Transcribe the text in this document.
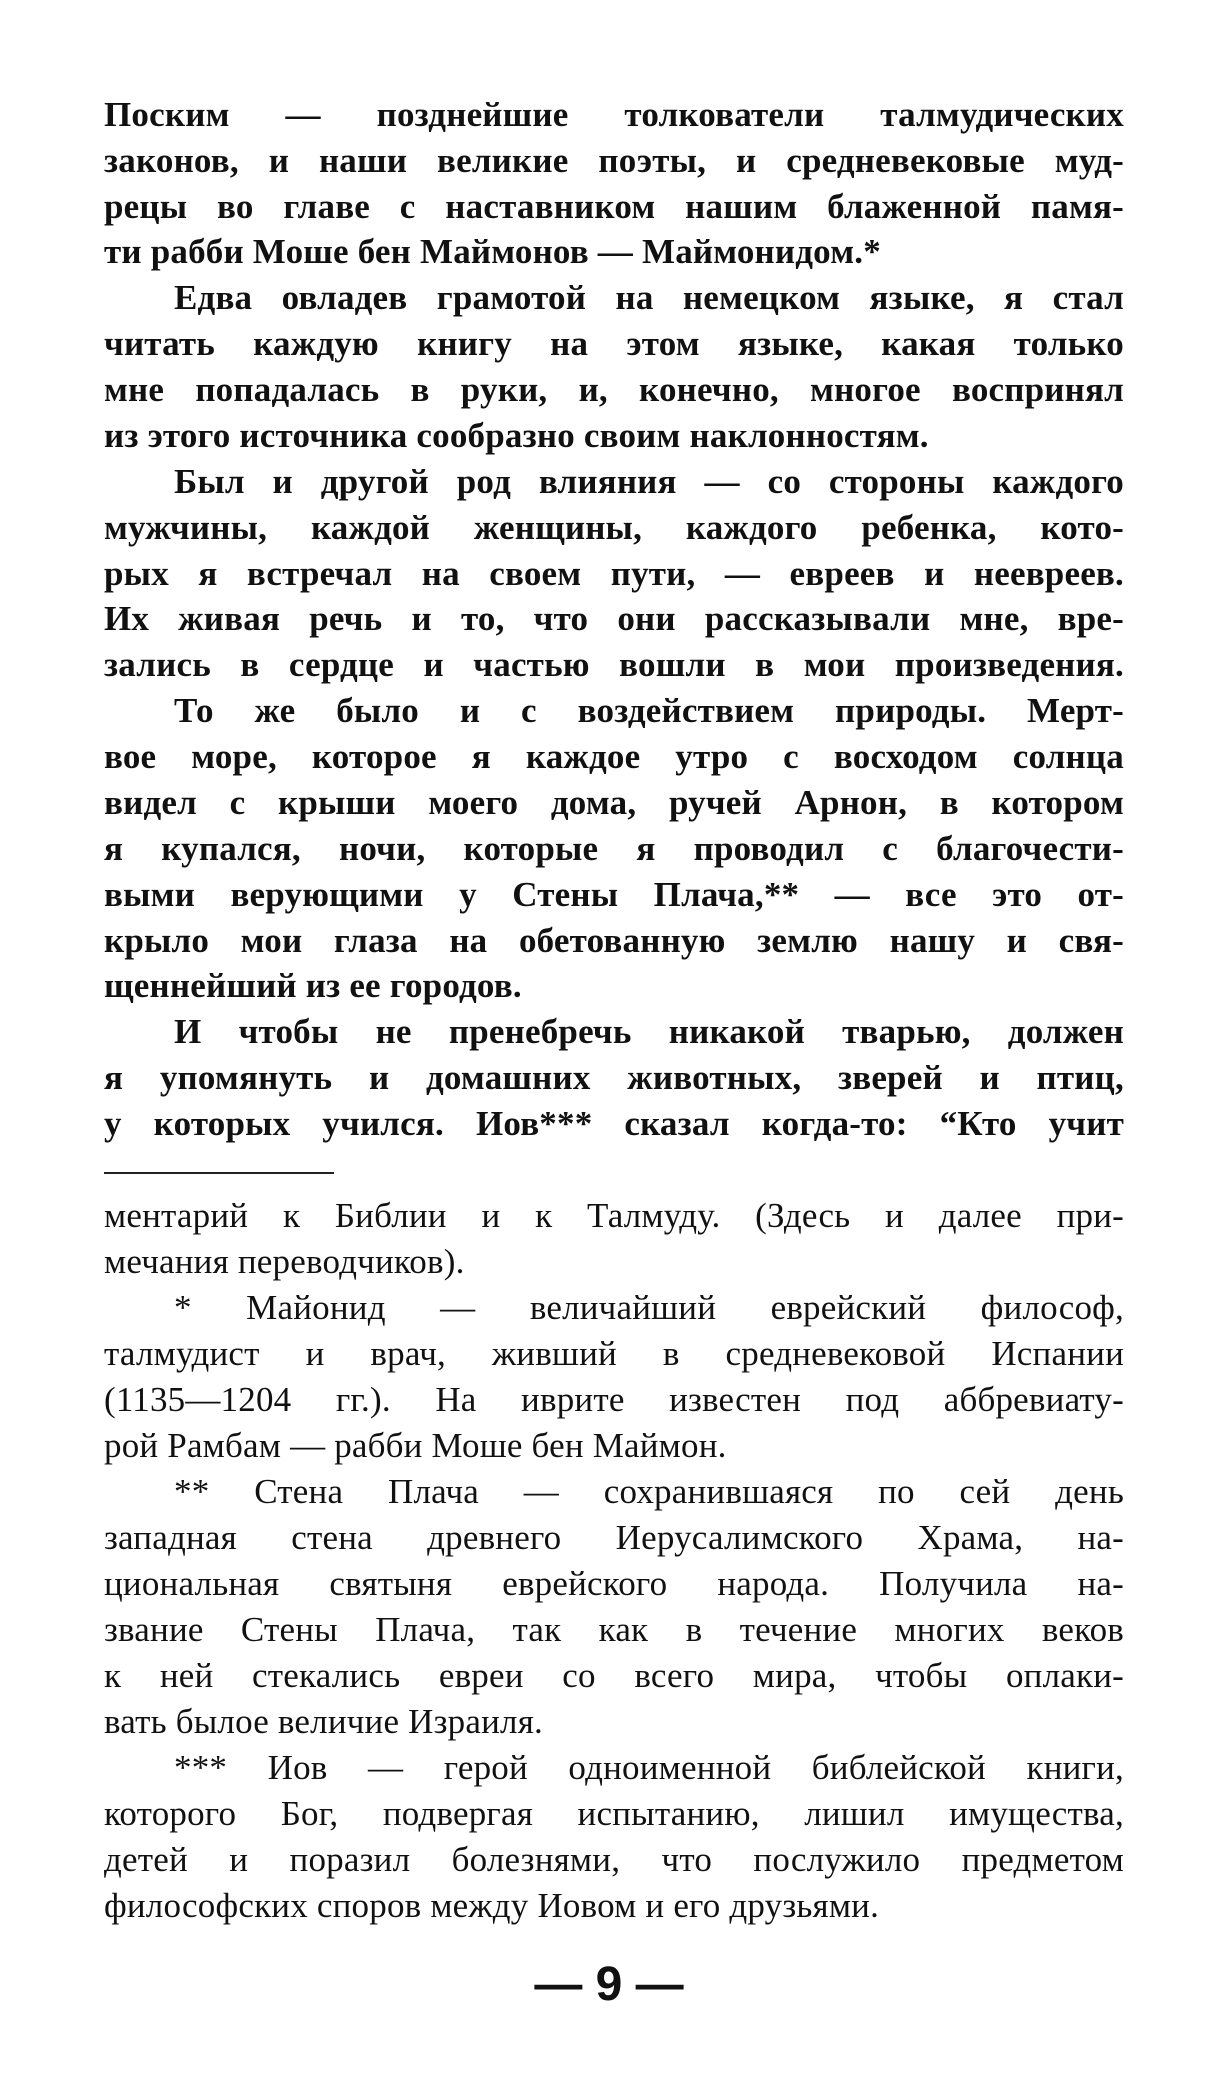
Поским — позднейшие толкователи талмудических
законов, и наши великие поэты, и средневековые муд-
рецы во главе с наставником нашим блаженной памя-
ти рабби Моше бен Маймонов — Маймонидом.*
Едва овладев грамотой на немецком языке, я стал
читать каждую книгу на этом языке, какая только
мне попадалась в руки, и, конечно, многое воспринял
из этого источника сообразно своим наклонностям.
Был и другой род влияния — со стороны каждого
мужчины, каждой женщины, каждого ребенка, кото-
рых я встречал на своем пути, — евреев и неевреев.
Их живая речь и то, что они рассказывали мне, вре-
зались в сердце и частью вошли в мои произведения.
То же было и с воздействием природы. Мерт-
вое море, которое я каждое утро с восходом солнца
видел с крыши моего дома, ручей Арнон, в котором
я купался, ночи, которые я проводил с благочести-
выми верующими у Стены Плача,** — все это от-
крыло мои глаза на обетованную землю нашу и свя-
щеннейший из ее городов.
И чтобы не пренебречь никакой тварью, должен
я упомянуть и домашних животных, зверей и птиц,
у которых учился. Иов*** сказал когда-то: “Кто учит
ментарий к Библии и к Талмуду. (Здесь и далее при-
мечания переводчиков).
* Майонид — величайший еврейский философ,
талмудист и врач, живший в средневековой Испании
(1135—1204 гг.). На иврите известен под аббревиату-
рой Рамбам — рабби Моше бен Маймон.
** Стена Плача — сохранившаяся по сей день
западная стена древнего Иерусалимского Храма, на-
циональная святыня еврейского народа. Получила на-
звание Стены Плача, так как в течение многих веков
к ней стекались евреи со всего мира, чтобы оплаки-
вать былое величие Израиля.
*** Иов — герой одноименной библейской книги,
которого Бог, подвергая испытанию, лишил имущества,
детей и поразил болезнями, что послужило предметом
философских споров между Иовом и его друзьями.
— 9 —
